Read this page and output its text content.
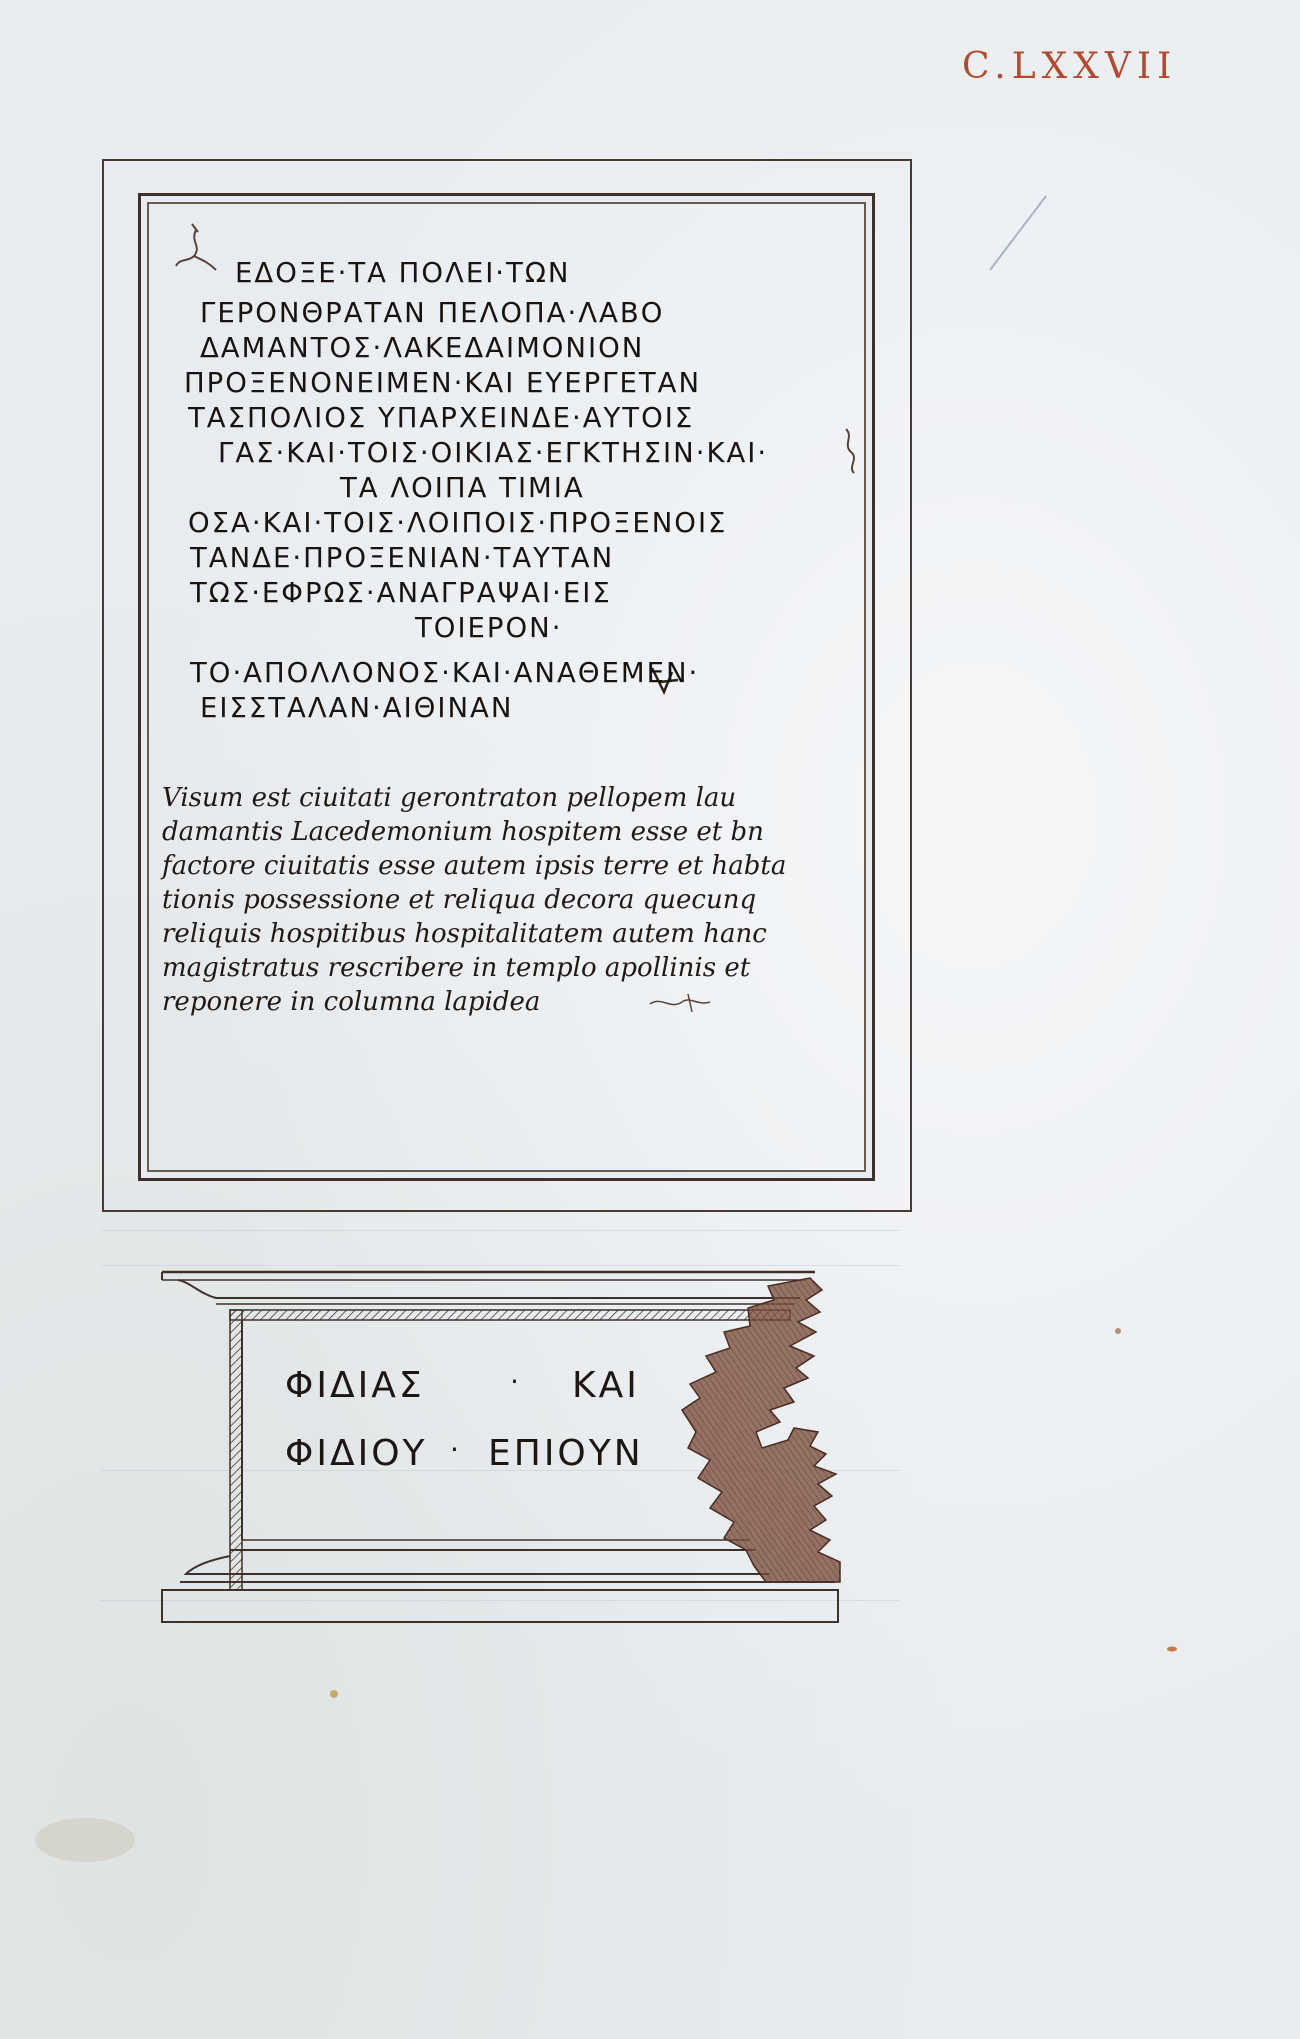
C.LXXVII
ΕΔΟΞΕ·ΤΑ ΠΟΛΕΙ·ΤΩΝ
ΓΕΡΟΝΘΡΑΤΑΝ ΠΕΛΟΠΑ·ΛΑΒΟ
ΔΑΜΑΝΤΟΣ·ΛΑΚΕΔΑΙΜΟΝΙΟΝ
ΠΡΟΞΕΝΟΝΕΙΜΕΝ·ΚΑΙ ΕΥΕΡΓΕΤΑΝ
ΤΑΣΠΟΛΙΟΣ ΥΠΑΡΧΕΙΝΔΕ·ΑΥΤΟΙΣ
ΓΑΣ·ΚΑΙ·ΤΟΙΣ·ΟΙΚΙΑΣ·ΕΓΚΤΗΣΙΝ·ΚΑΙ·
ΤΑ ΛΟΙΠΑ ΤΙΜΙΑ
ΟΣΑ·ΚΑΙ·ΤΟΙΣ·ΛΟΙΠΟΙΣ·ΠΡΟΞΕΝΟΙΣ
ΤΑΝΔΕ·ΠΡΟΞΕΝΙΑΝ·ΤΑΥΤΑΝ
ΤΩΣ·ΕΦΡΩΣ·ΑΝΑΓΡΑΨΑΙ·ΕΙΣ
ΤΟΙΕΡΟΝ·
ΤΟ·ΑΠΟΛΛΟΝΟΣ·ΚΑΙ·ΑΝΑΘΕΜΕΝ·
ΕΙΣΣΤΑΛΑΝ·ΑΙΘΙΝΑΝ
Visum est ciuitati gerontraton pellopem lau
damantis Lacedemonium hospitem esse et bn
factore ciuitatis esse autem ipsis terre et habta
tionis possessione et reliqua decora quecunq
reliquis hospitibus hospitalitatem autem hanc
magistratus rescribere in templo apollinis et
reponere in columna lapidea
ΦΙΔΙΑΣ	ΚΑΙ
ΦΙΔΙΟΥ ΕΠΙΟΥΝ
·
·
